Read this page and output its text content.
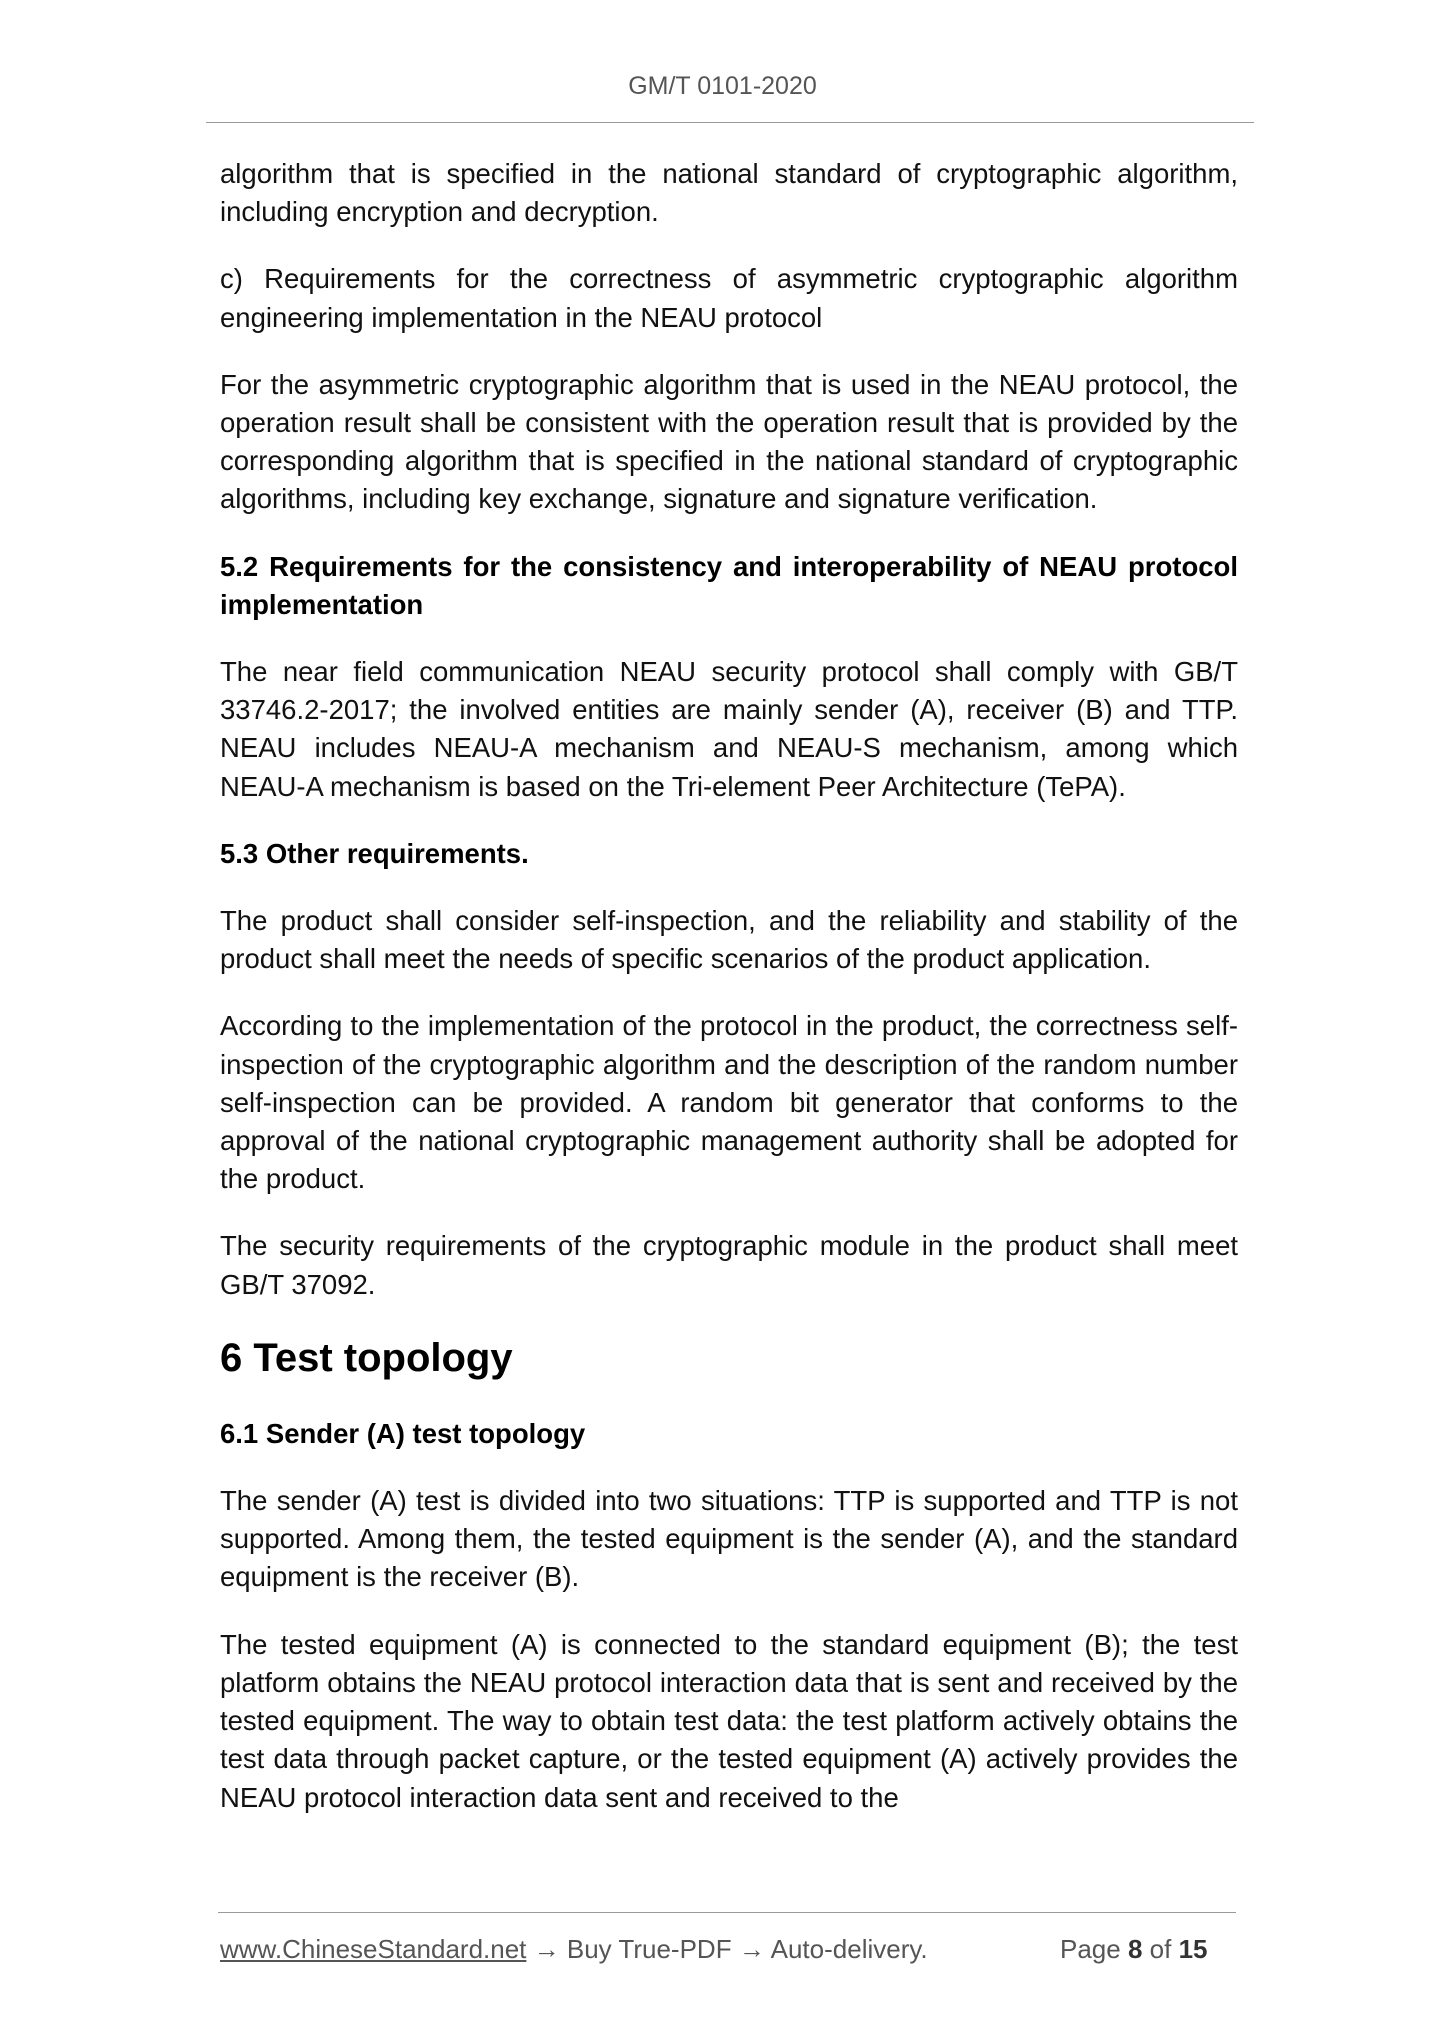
GM/T 0101-2020

algorithm that is specified in the national standard of cryptographic algorithm, including encryption and decryption.

c) Requirements for the correctness of asymmetric cryptographic algorithm engineering implementation in the NEAU protocol

For the asymmetric cryptographic algorithm that is used in the NEAU protocol, the operation result shall be consistent with the operation result that is provided by the corresponding algorithm that is specified in the national standard of cryptographic algorithms, including key exchange, signature and signature verification.

5.2 Requirements for the consistency and interoperability of NEAU protocol implementation

The near field communication NEAU security protocol shall comply with GB/T 33746.2-2017; the involved entities are mainly sender (A), receiver (B) and TTP. NEAU includes NEAU-A mechanism and NEAU-S mechanism, among which NEAU-A mechanism is based on the Tri-element Peer Architecture (TePA).

5.3 Other requirements.

The product shall consider self-inspection, and the reliability and stability of the product shall meet the needs of specific scenarios of the product application.

According to the implementation of the protocol in the product, the correctness self-inspection of the cryptographic algorithm and the description of the random number self-inspection can be provided. A random bit generator that conforms to the approval of the national cryptographic management authority shall be adopted for the product.

The security requirements of the cryptographic module in the product shall meet GB/T 37092.

6 Test topology

6.1 Sender (A) test topology

The sender (A) test is divided into two situations: TTP is supported and TTP is not supported. Among them, the tested equipment is the sender (A), and the standard equipment is the receiver (B).

The tested equipment (A) is connected to the standard equipment (B); the test platform obtains the NEAU protocol interaction data that is sent and received by the tested equipment. The way to obtain test data: the test platform actively obtains the test data through packet capture, or the tested equipment (A) actively provides the NEAU protocol interaction data sent and received to the

www.ChineseStandard.net → Buy True-PDF → Auto-delivery.	Page 8 of 15
